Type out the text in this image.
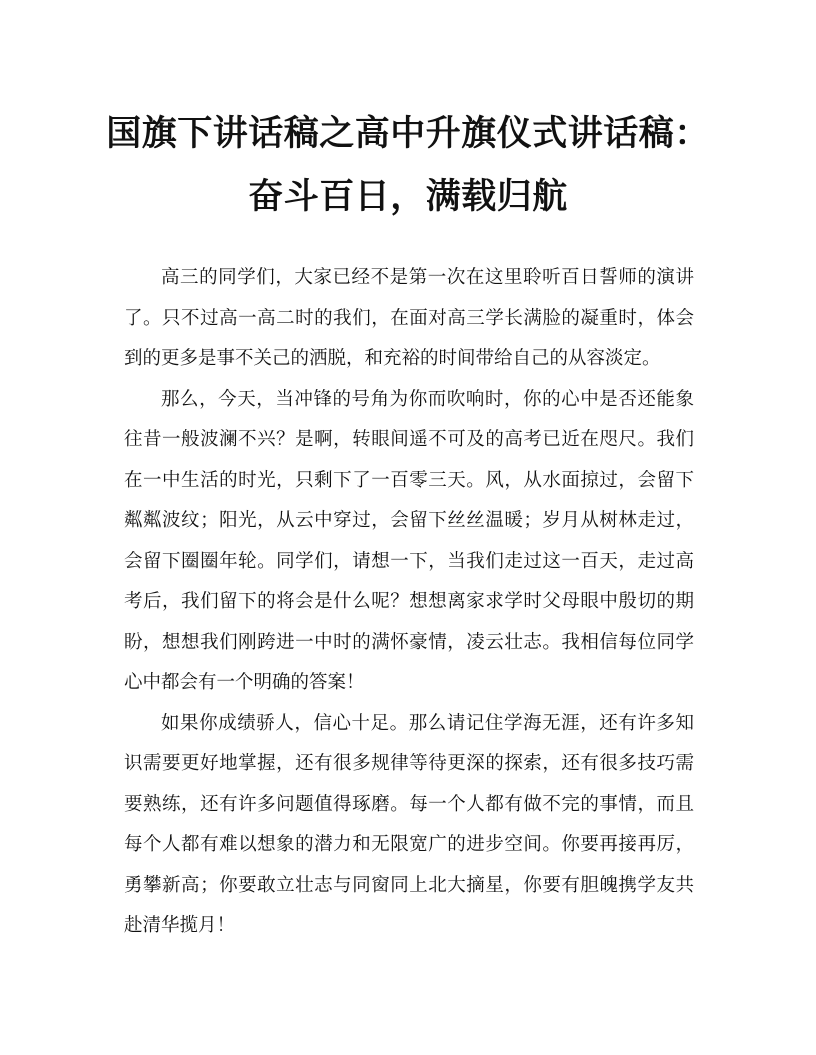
国旗下讲话稿之高中升旗仪式讲话稿：
奋斗百日，满载归航

高三的同学们，大家已经不是第一次在这里聆听百日誓师的演讲了。只不过高一高二时的我们，在面对高三学长满脸的凝重时，体会到的更多是事不关己的洒脱，和充裕的时间带给自己的从容淡定。

那么，今天，当冲锋的号角为你而吹响时，你的心中是否还能象往昔一般波澜不兴？是啊，转眼间遥不可及的高考已近在咫尺。我们在一中生活的时光，只剩下了一百零三天。风，从水面掠过，会留下粼粼波纹；阳光，从云中穿过，会留下丝丝温暖；岁月从树林走过，会留下圈圈年轮。同学们，请想一下，当我们走过这一百天，走过高考后，我们留下的将会是什么呢？想想离家求学时父母眼中殷切的期盼，想想我们刚跨进一中时的满怀豪情，凌云壮志。我相信每位同学心中都会有一个明确的答案！

如果你成绩骄人，信心十足。那么请记住学海无涯，还有许多知识需要更好地掌握，还有很多规律等待更深的探索，还有很多技巧需要熟练，还有许多问题值得琢磨。每一个人都有做不完的事情，而且每个人都有难以想象的潜力和无限宽广的进步空间。你要再接再厉，勇攀新高；你要敢立壮志与同窗同上北大摘星，你要有胆魄携学友共赴清华揽月！
